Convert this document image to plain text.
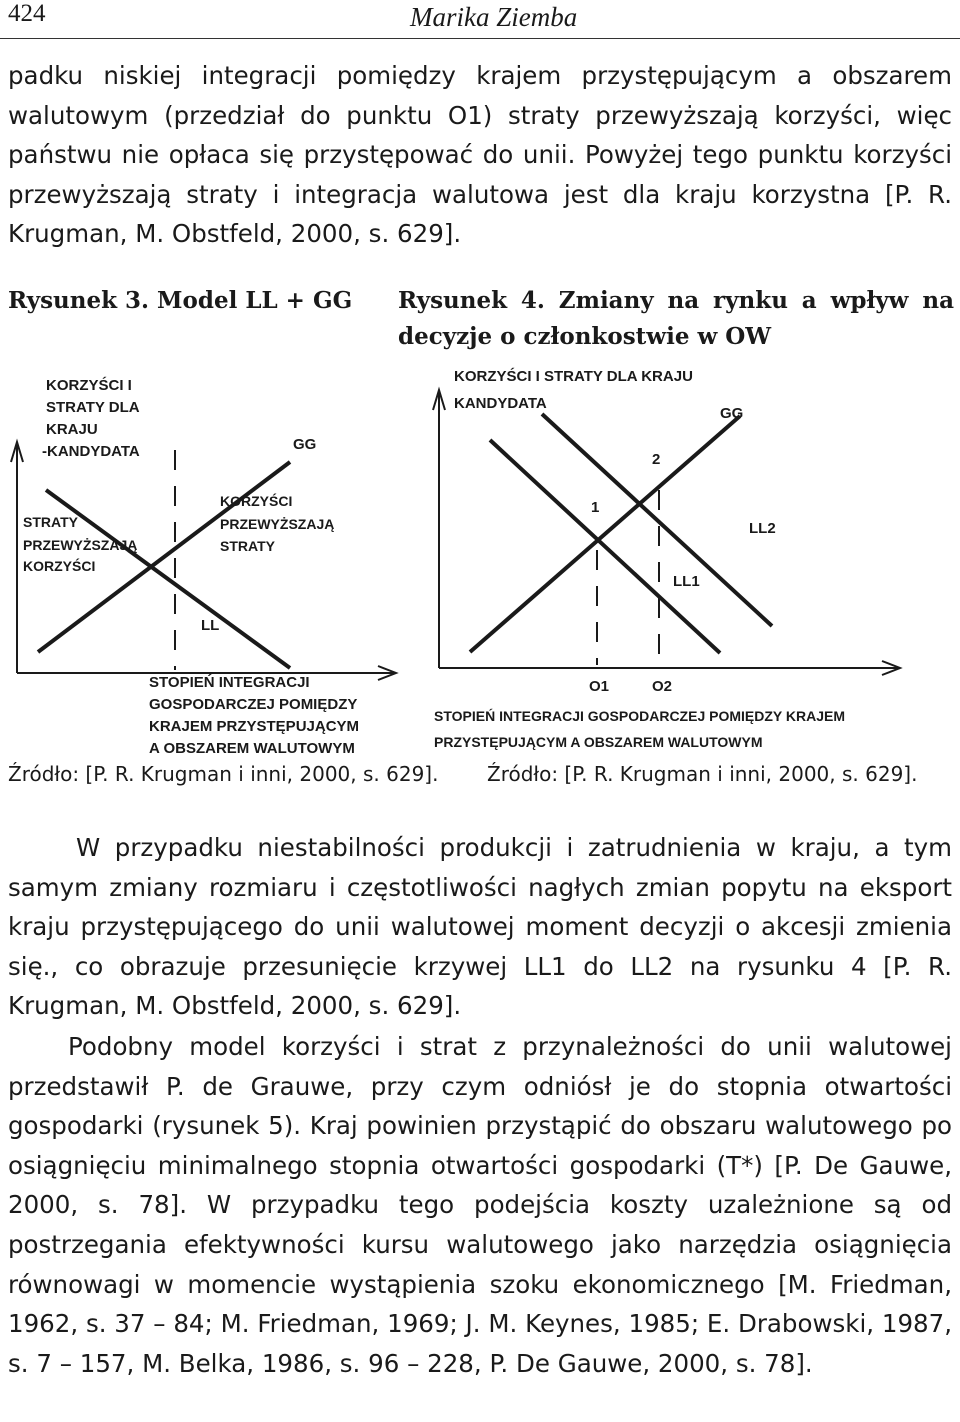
424	Marika Ziemba

padku niskiej integracji pomiędzy krajem przystępującym a obszarem walutowym (przedział do punktu O1) straty przewyższają korzyści, więc państwu nie opłaca się przystępować do unii. Powyżej tego punktu korzyści przewyższają straty i integracja walutowa jest dla kraju korzystna [P. R. Krugman, M. Obstfeld, 2000, s. 629].

Rysunek 3. Model LL + GG	Rysunek 4. Zmiany na rynku a wpływ na decyzje o członkostwie w OW

KORZYŚCI I
STRATY DLA
KRAJU
-KANDYDATA	GG
LL
STRATY
PRZEWYŻSZAJĄ
KORZYŚCI
KORZYŚCI
PRZEWYŻSZAJĄ
STRATY
STOPIEŃ INTEGRACJI
GOSPODARCZEJ POMIĘDZY
KRAJEM PRZYSTĘPUJĄCYM
A OBSZAREM WALUTOWYM
KORZYŚCI I STRATY DLA KRAJU
KANDYDATA
GG
LL2
LL1
1
2
O1	O2
STOPIEŃ INTEGRACJI GOSPODARCZEJ POMIĘDZY KRAJEM
PRZYSTĘPUJĄCYM A OBSZAREM WALUTOWYM

Źródło: [P. R. Krugman i inni, 2000, s. 629]. Źródło: [P. R. Krugman i inni, 2000, s. 629].

W przypadku niestabilności produkcji i zatrudnienia w kraju, a tym samym zmiany rozmiaru i częstotliwości nagłych zmian popytu na eksport kraju przystępującego do unii walutowej moment decyzji o akcesji zmienia się., co obrazuje przesunięcie krzywej LL1 do LL2 na rysunku 4 [P. R. Krugman, M. Obstfeld, 2000, s. 629].

Podobny model korzyści i strat z przynależności do unii walutowej przedstawił P. de Grauwe, przy czym odniósł je do stopnia otwartości gospodarki (rysunek 5). Kraj powinien przystąpić do obszaru walutowego po osiągnięciu minimalnego stopnia otwartości gospodarki (T*) [P. De Gauwe, 2000, s. 78]. W przypadku tego podejścia koszty uzależnione są od postrzegania efektywności kursu walutowego jako narzędzia osiągnięcia równowagi w momencie wystąpienia szoku ekonomicznego [M. Friedman, 1962, s. 37 – 84; M. Friedman, 1969; J. M. Keynes, 1985; E. Drabowski, 1987, s. 7 – 157, M. Belka, 1986, s. 96 – 228, P. De Gauwe, 2000, s. 78].
